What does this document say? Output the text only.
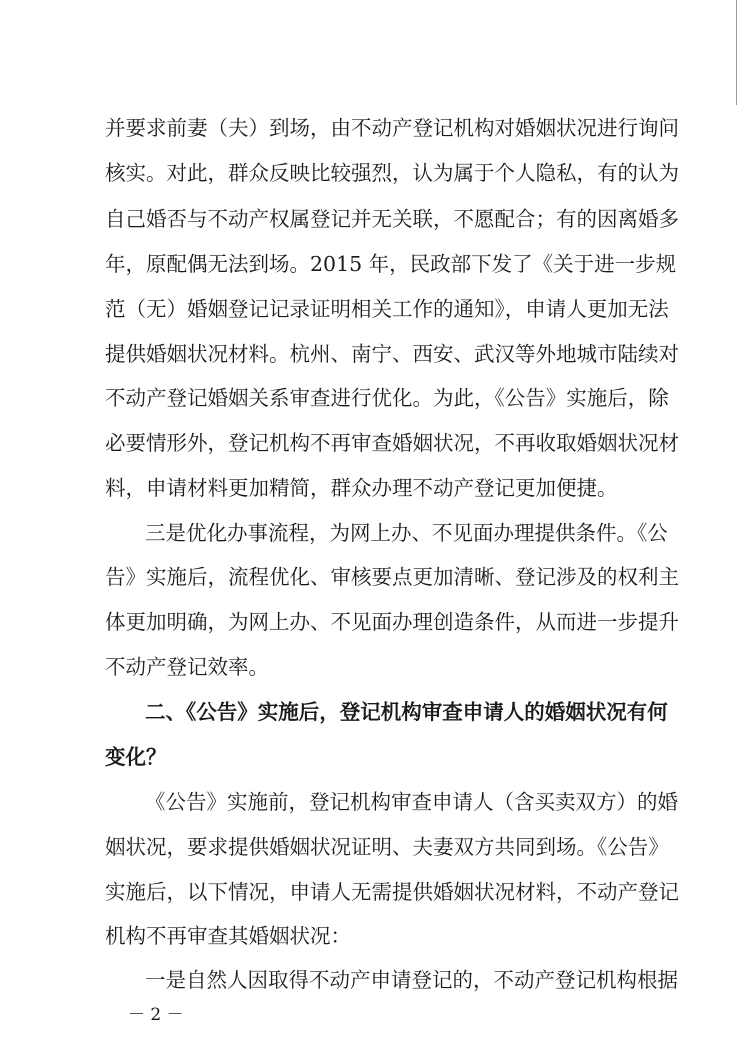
并要求前妻（夫）到场，由不动产登记机构对婚姻状况进行询问
核实。对此，群众反映比较强烈，认为属于个人隐私，有的认为
自己婚否与不动产权属登记并无关联，不愿配合；有的因离婚多
年，原配偶无法到场。2015 年，民政部下发了《关于进一步规
范（无）婚姻登记记录证明相关工作的通知》，申请人更加无法
提供婚姻状况材料。杭州、南宁、西安、武汉等外地城市陆续对
不动产登记婚姻关系审查进行优化。为此，《公告》实施后，除
必要情形外，登记机构不再审查婚姻状况，不再收取婚姻状况材
料，申请材料更加精简，群众办理不动产登记更加便捷。
三是优化办事流程，为网上办、不见面办理提供条件。《公
告》实施后，流程优化、审核要点更加清晰、登记涉及的权利主
体更加明确，为网上办、不见面办理创造条件，从而进一步提升
不动产登记效率。
二、《公告》实施后，登记机构审查申请人的婚姻状况有何
变化？
《公告》实施前，登记机构审查申请人（含买卖双方）的婚
姻状况，要求提供婚姻状况证明、夫妻双方共同到场。《公告》
实施后，以下情况，申请人无需提供婚姻状况材料，不动产登记
机构不再审查其婚姻状况：
一是自然人因取得不动产申请登记的，不动产登记机构根据
－ 2 －
